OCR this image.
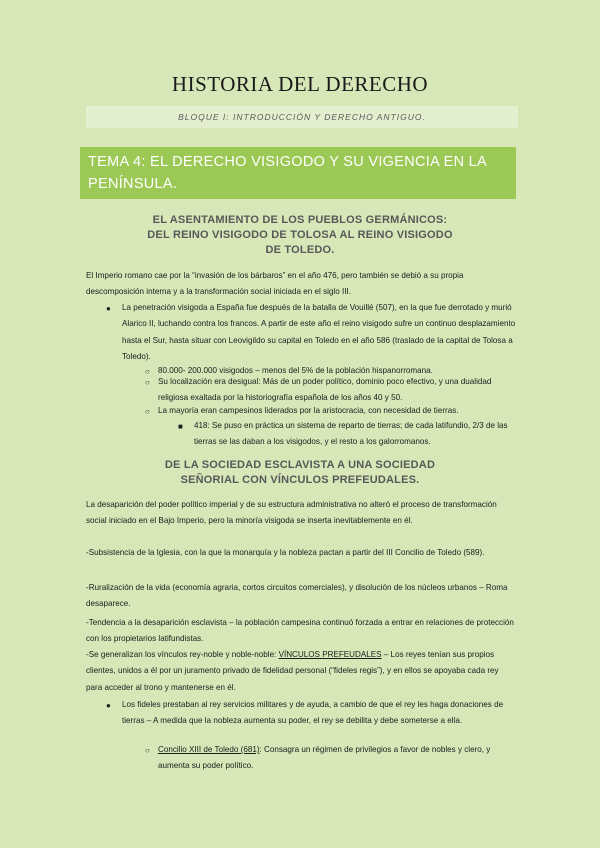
HISTORIA DEL DERECHO
BLOQUE I: INTRODUCCIÓN Y DERECHO ANTIGUO.
TEMA 4: EL DERECHO VISIGODO Y SU VIGENCIA EN LA PENÍNSULA.
EL ASENTAMIENTO DE LOS PUEBLOS GERMÁNICOS:
DEL REINO VISIGODO DE TOLOSA AL REINO VISIGODO
DE TOLEDO.
El Imperio romano cae por la “invasión de los bárbaros” en el año 476, pero también se debió a su propia descomposición interna y a la transformación social iniciada en el siglo III.
● La penetración visigoda a España fue después de la batalla de Vouillé (507), en la que fue derrotado y murió Alarico II, luchando contra los francos. A partir de este año el reino visigodo sufre un continuo desplazamiento hasta el Sur, hasta situar con Leovigildo su capital en Toledo en el año 586 (traslado de la capital de Tolosa a Toledo).
○ 80.000- 200.000 visigodos – menos del 5% de la población hispanorromana.
○ Su localización era desigual: Más de un poder político, dominio poco efectivo, y una dualidad religiosa exaltada por la historiografía española de los años 40 y 50.
○ La mayoría eran campesinos liderados por la aristocracia, con necesidad de tierras.
■ 418: Se puso en práctica un sistema de reparto de tierras; de cada latifundio, 2/3 de las tierras se las daban a los visigodos, y el resto a los galorromanos.
DE LA SOCIEDAD ESCLAVISTA A UNA SOCIEDAD
SEÑORIAL CON VÍNCULOS PREFEUDALES.
La desaparición del poder político imperial y de su estructura administrativa no alteró el proceso de transformación social iniciado en el Bajo Imperio, pero la minoría visigoda se inserta inevitablemente en él.
-Subsistencia de la Iglesia, con la que la monarquía y la nobleza pactan a partir del III Concilio de Toledo (589).
-Ruralización de la vida (economía agraria, cortos circuitos comerciales), y disolución de los núcleos urbanos – Roma desaparece.
-Tendencia a la desaparición esclavista – la población campesina continuó forzada a entrar en relaciones de protección con los propietarios latifundistas.
-Se generalizan los vínculos rey-noble y noble-noble: VÍNCULOS PREFEUDALES – Los reyes tenían sus propios clientes, unidos a él por un juramento privado de fidelidad personal (“fideles regis”), y en ellos se apoyaba cada rey para acceder al trono y mantenerse en él.
● Los fideles prestaban al rey servicios militares y de ayuda, a cambio de que el rey les haga donaciones de tierras – A medida que la nobleza aumenta su poder, el rey se debilita y debe someterse a ella.
○ Concilio XIII de Toledo (681): Consagra un régimen de privilegios a favor de nobles y clero, y aumenta su poder político.
